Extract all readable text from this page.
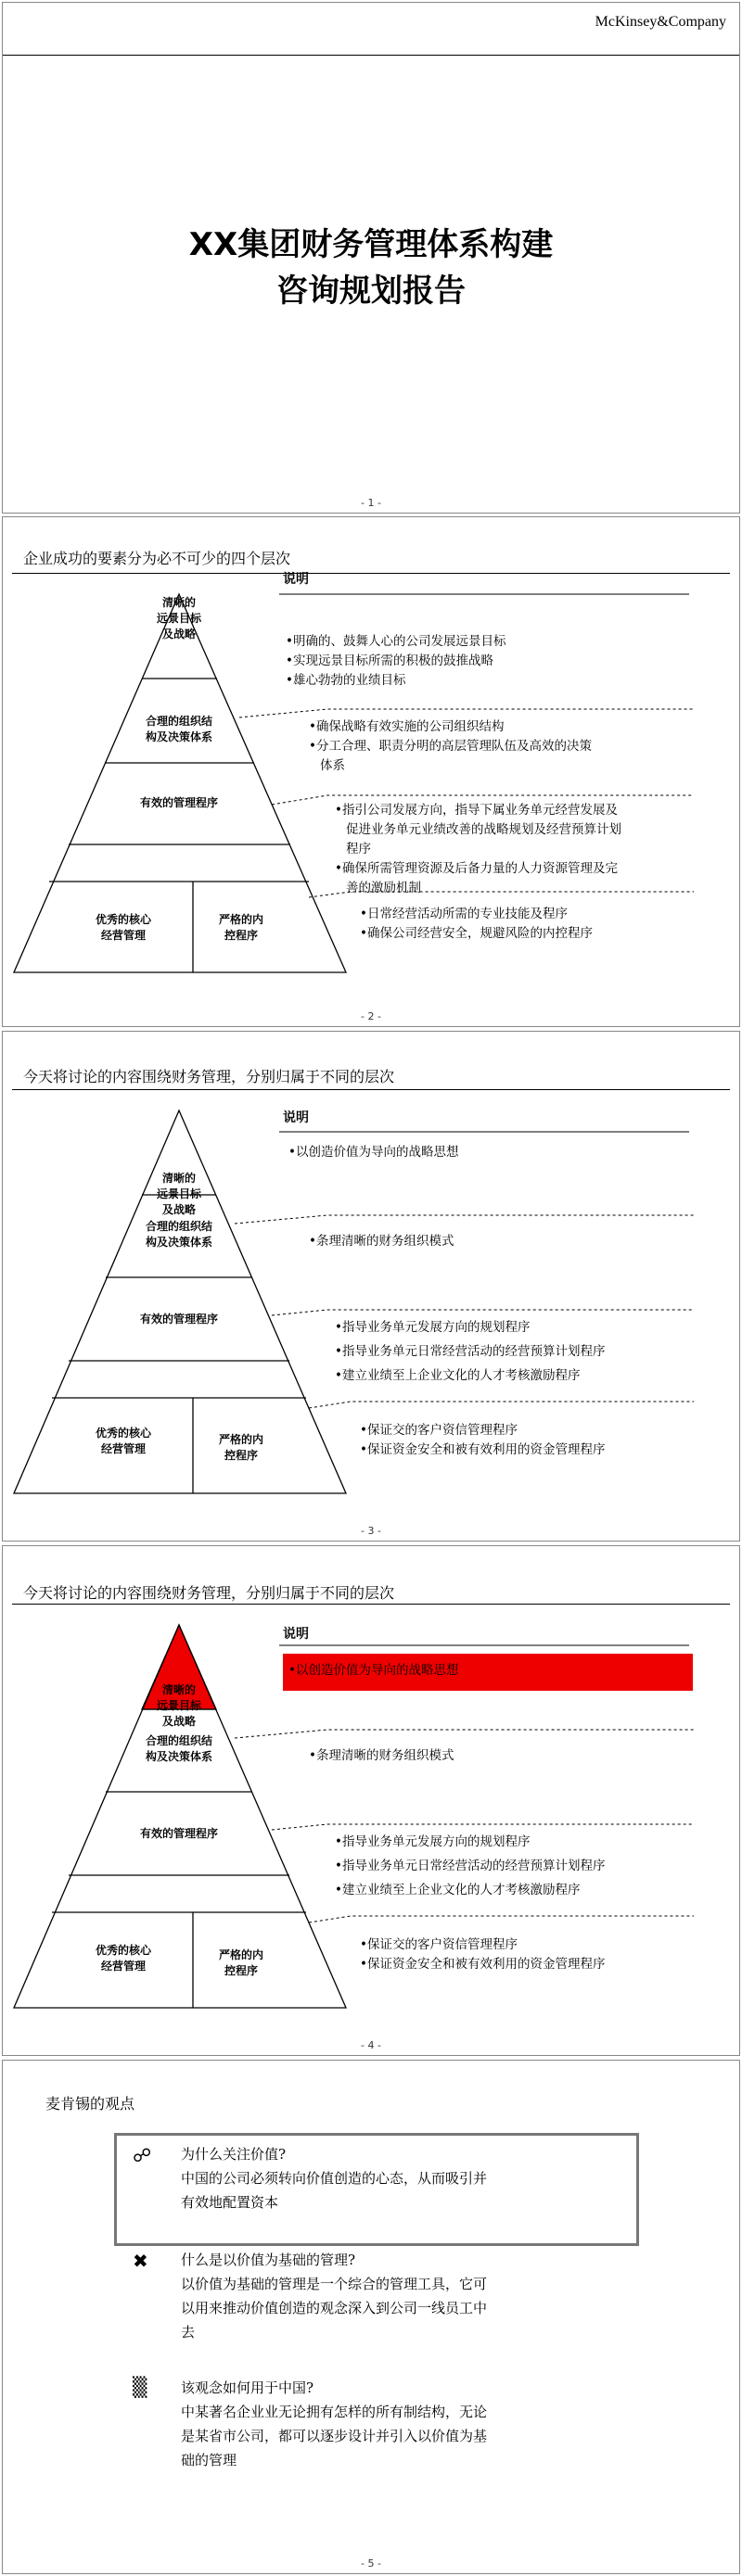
McKinsey&Company
XX集团财务管理体系构建
咨询规划报告
- 1 -
企业成功的要素分为必不可少的四个层次
说明
清晰的
远景目标
及战略
合理的组织结
构及决策体系
有效的管理程序
优秀的核心
经营管理
严格的内
控程序
•明确的、鼓舞人心的公司发展远景目标
•实现远景目标所需的积极的鼓推战略
•雄心勃勃的业绩目标
•确保战略有效实施的公司组织结构
•分工合理、职责分明的高层管理队伍及高效的决策
体系
•指引公司发展方向，指导下属业务单元经营发展及
促进业务单元业绩改善的战略规划及经营预算计划
程序
•确保所需管理资源及后备力量的人力资源管理及完
善的激励机制
•日常经营活动所需的专业技能及程序
•确保公司经营安全，规避风险的内控程序
- 2 -
今天将讨论的内容围绕财务管理，分别归属于不同的层次
说明
清晰的
远景目标
及战略
合理的组织结
构及决策体系
有效的管理程序
优秀的核心
经营管理
严格的内
控程序
•以创造价值为导向的战略思想
•条理清晰的财务组织模式
•指导业务单元发展方向的规划程序
•指导业务单元日常经营活动的经营预算计划程序
•建立业绩至上企业文化的人才考核激励程序
•保证交的客户资信管理程序
•保证资金安全和被有效利用的资金管理程序
- 3 -
今天将讨论的内容围绕财务管理，分别归属于不同的层次
说明
清晰的
远景目标
及战略
合理的组织结
构及决策体系
有效的管理程序
优秀的核心
经营管理
严格的内
控程序
•以创造价值为导向的战略思想
•条理清晰的财务组织模式
•指导业务单元发展方向的规划程序
•指导业务单元日常经营活动的经营预算计划程序
•建立业绩至上企业文化的人才考核激励程序
•保证交的客户资信管理程序
•保证资金安全和被有效利用的资金管理程序
- 4 -
麦肯锡的观点
☍ 为什么关注价值?
中国的公司必须转向价值创造的心态，从而吸引并
有效地配置资本
✖ 什么是以价值为基础的管理?
以价值为基础的管理是一个综合的管理工具，它可
以用来推动价值创造的观念深入到公司一线员工中
去
▒ 该观念如何用于中国?
中某著名企业业无论拥有怎样的所有制结构，无论
是某省市公司，都可以逐步设计并引入以价值为基
础的管理
- 5 -
